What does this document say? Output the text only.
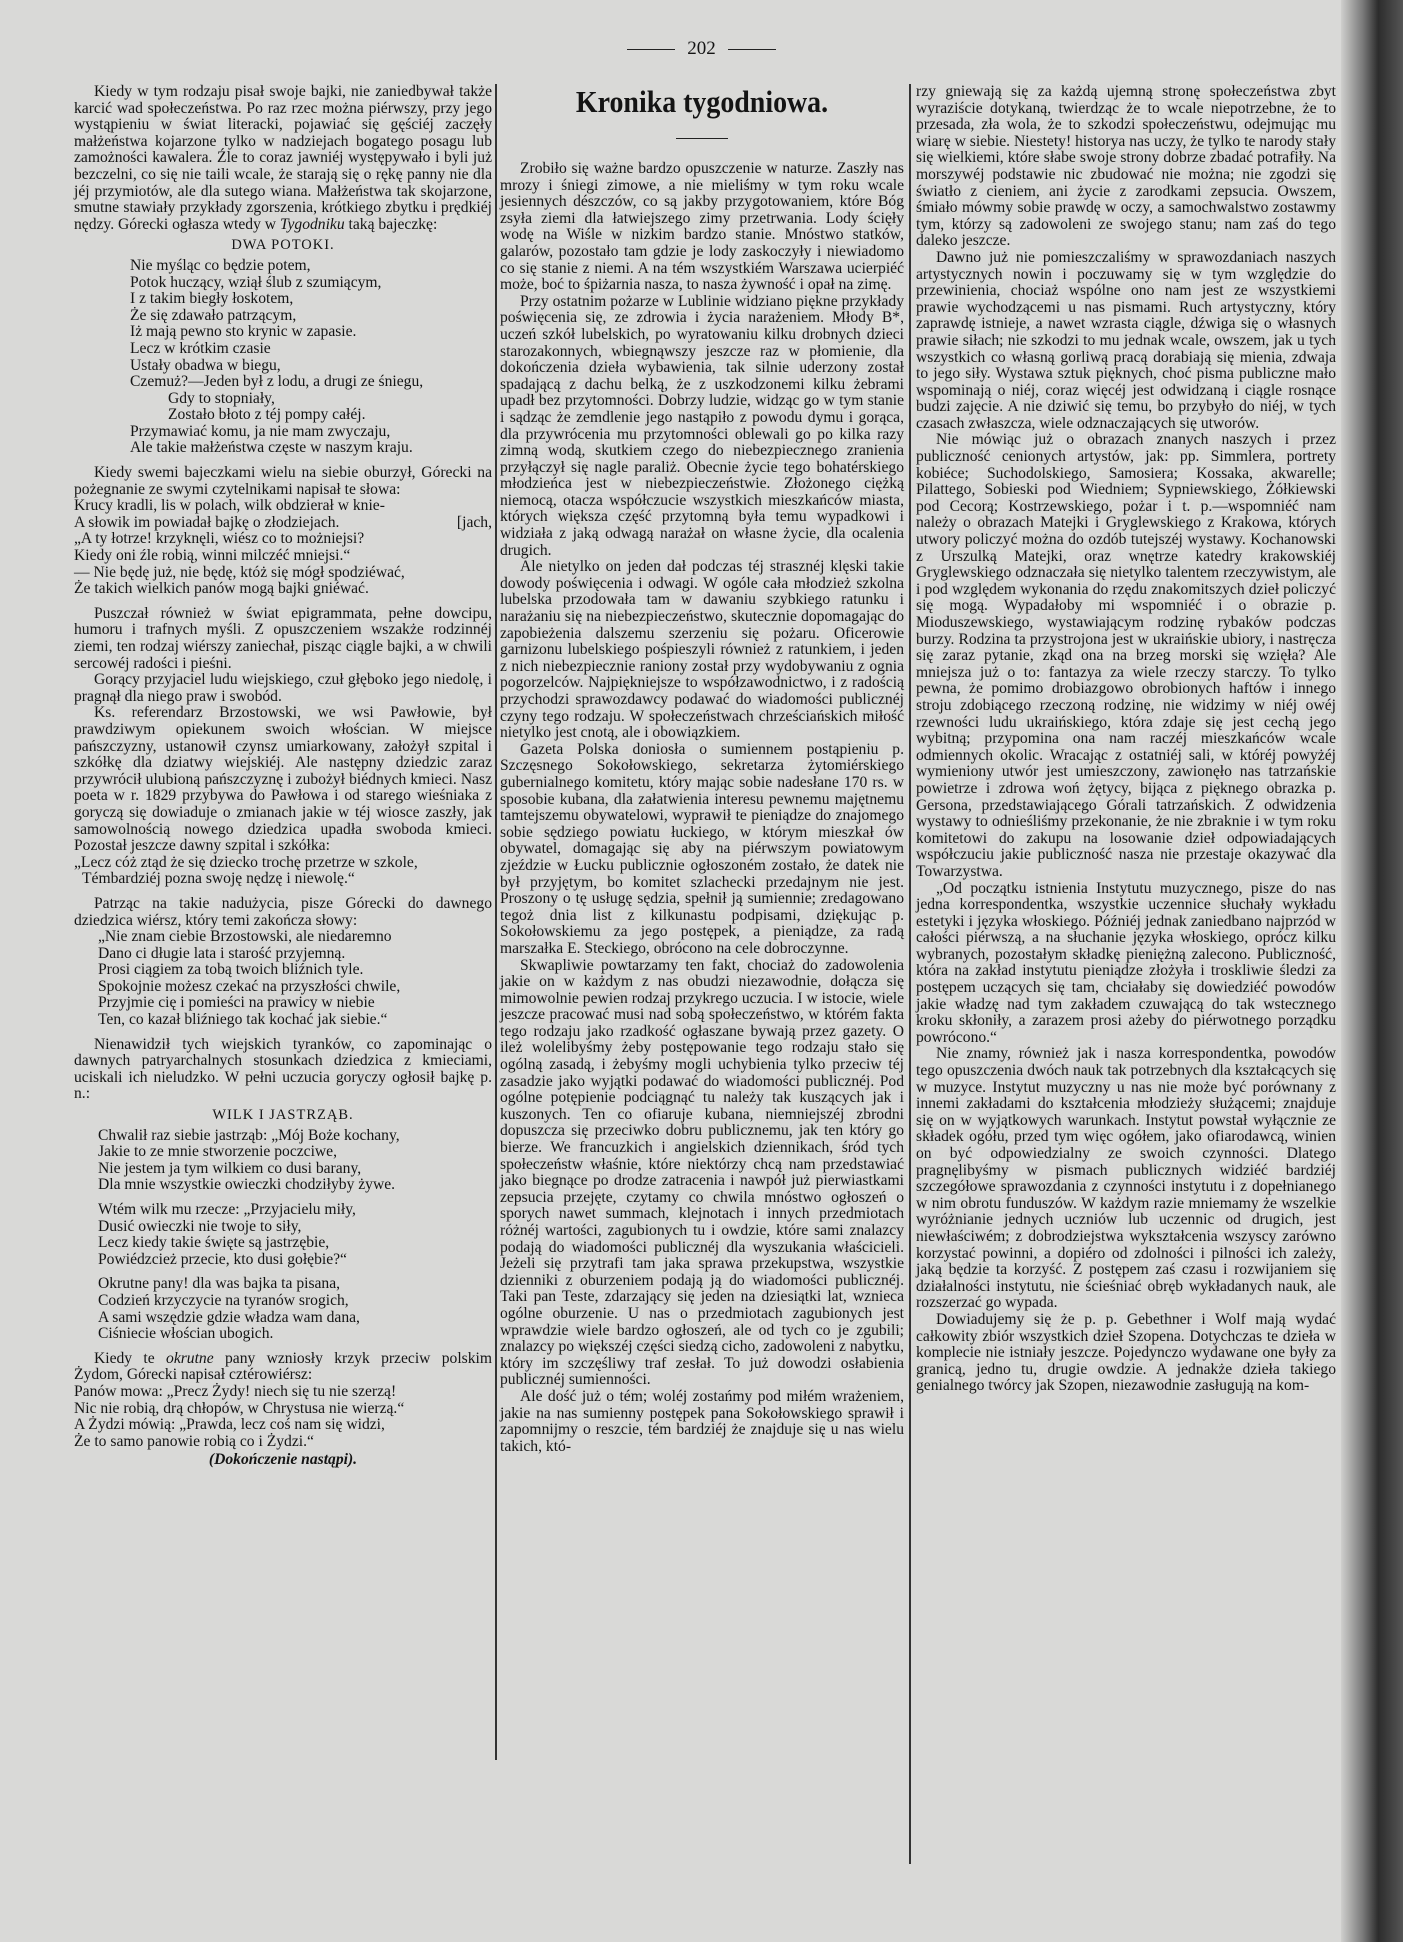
202

Kiedy w tym rodzaju pisał swoje bajki, nie zaniedbywał także karcić wad społeczeństwa. Po raz rzec można piérwszy, przy jego wystąpieniu w świat literacki, pojawiać się gęściéj zaczęły małżeństwa kojarzone tylko w nadziejach bogatego posagu lub zamożności kawalera. Źle to coraz jawniéj występywało i byli już bezczelni, co się nie taili wcale, że starają się o rękę panny nie dla jéj przymiotów, ale dla sutego wiana. Małżeństwa tak skojarzone, smutne stawiały przykłady zgorszenia, krótkiego zbytku i prędkiéj nędzy. Górecki ogłasza wtedy w Tygodniku taką bajeczkę:

DWA POTOKI.
Nie myśląc co będzie potem,
Potok huczący, wziął ślub z szumiącym,
I z takim biegły łoskotem,
Że się zdawało patrzącym,
Iż mają pewno sto krynic w zapasie.
Lecz w krótkim czasie
Ustały obadwa w biegu,
Czemuż?—Jeden był z lodu, a drugi ze śniegu,
Gdy to stopniały,
Zostało błoto z téj pompy całéj.
Przymawiać komu, ja nie mam zwyczaju,
Ale takie małżeństwa częste w naszym kraju.

Kiedy swemi bajeczkami wielu na siebie oburzył, Górecki na pożegnanie ze swymi czytelnikami napisał te słowa:

Krucy kradli, lis w polach, wilk obdzierał w knie-
A słowik im powiadał bajkę o złodziejach.	[jach,
„A ty łotrze! krzyknęli, wiész co to możniejsi?
Kiedy oni źle robią, winni milczéć mniejsi.“
— Nie będę już, nie będę, któż się mógł spodziéwać,
Że takich wielkich panów mogą bajki gniéwać.

Puszczał również w świat epigrammata, pełne dowcipu, humoru i trafnych myśli. Z opuszczeniem wszakże rodzinnéj ziemi, ten rodzaj wiérszy zaniechał, pisząc ciągle bajki, a w chwili sercowéj radości i pieśni.

Gorący przyjaciel ludu wiejskiego, czuł głęboko jego niedolę, i pragnął dla niego praw i swobód.

Ks. referendarz Brzostowski, we wsi Pawłowie, był prawdziwym opiekunem swoich włościan. W miejsce pańszczyzny, ustanowił czynsz umiarkowany, założył szpital i szkółkę dla dziatwy wiejskiéj. Ale następny dziedzic zaraz przywrócił ulubioną pańszczyznę i zubożył biédnych kmieci. Nasz poeta w r. 1829 przybywa do Pawłowa i od starego wieśniaka z goryczą się dowiaduje o zmianach jakie w téj wiosce zaszły, jak samowolnością nowego dziedzica upadła swoboda kmieci. Pozostał jeszcze dawny szpital i szkółka:

„Lecz cóż ztąd że się dziecko trochę przetrze w szkole,
Témbardziéj pozna swoję nędzę i niewolę.“

Patrząc na takie nadużycia, pisze Górecki do dawnego dziedzica wiérsz, który temi zakończa słowy:

„Nie znam ciebie Brzostowski, ale niedaremno
Dano ci długie lata i starość przyjemną.
Prosi ciągiem za tobą twoich bliźnich tyle.
Spokojnie możesz czekać na przyszłości chwile,
Przyjmie cię i pomieści na prawicy w niebie
Ten, co kazał bliźniego tak kochać jak siebie.“

Nienawidził tych wiejskich tyranków, co zapominając o dawnych patryarchalnych stosunkach dziedzica z kmieciami, uciskali ich nieludzko. W pełni uczucia goryczy ogłosił bajkę p. n.:

WILK I JASTRZĄB.
Chwalił raz siebie jastrząb: „Mój Boże kochany,
Jakie to ze mnie stworzenie poczciwe,
Nie jestem ja tym wilkiem co dusi barany,
Dla mnie wszystkie owieczki chodziłyby żywe.
Wtém wilk mu rzecze: „Przyjacielu miły,
Dusić owieczki nie twoje to siły,
Lecz kiedy takie święte są jastrzębie,
Powiédzcież przecie, kto dusi gołębie?“
Okrutne pany! dla was bajka ta pisana,
Codzień krzyczycie na tyranów srogich,
A sami wszędzie gdzie władza wam dana,
Ciśniecie włościan ubogich.

Kiedy te okrutne pany wzniosły krzyk przeciw polskim Żydom, Górecki napisał cztérowiérsz:

Panów mowa: „Precz Żydy! niech się tu nie szerzą!
Nic nie robią, drą chłopów, w Chrystusa nie wierzą.“
A Żydzi mówią: „Prawda, lecz coś nam się widzi,
Że to samo panowie robią co i Żydzi.“
(Dokończenie nastąpi).
Kronika tygodniowa.

Zrobiło się ważne bardzo opuszczenie w naturze. Zaszły nas mrozy i śniegi zimowe, a nie mieliśmy w tym roku wcale jesiennych dészczów, co są jakby przygotowaniem, które Bóg zsyła ziemi dla łatwiejszego zimy przetrwania. Lody ścięły wodę na Wiśle w nizkim bardzo stanie. Mnóstwo statków, galarów, pozostało tam gdzie je lody zaskoczyły i niewiadomo co się stanie z niemi. A na tém wszystkiém Warszawa ucierpiéć może, boć to śpiżarnia nasza, to nasza żywność i opał na zimę.

Przy ostatnim pożarze w Lublinie widziano piękne przykłady poświęcenia się, ze zdrowia i życia narażeniem. Młody B*, uczeń szkół lubelskich, po wyratowaniu kilku drobnych dzieci starozakonnych, wbiegnąwszy jeszcze raz w płomienie, dla dokończenia dzieła wybawienia, tak silnie uderzony został spadającą z dachu belką, że z uszkodzonemi kilku żebrami upadł bez przytomności. Dobrzy ludzie, widząc go w tym stanie i sądząc że zemdlenie jego nastąpiło z powodu dymu i gorąca, dla przywrócenia mu przytomności oblewali go po kilka razy zimną wodą, skutkiem czego do niebezpiecznego zranienia przyłączył się nagle paraliż. Obecnie życie tego bohatérskiego młodzieńca jest w niebezpieczeństwie. Złożonego ciężką niemocą, otacza współczucie wszystkich mieszkańców miasta, których większa część przytomną była temu wypadkowi i widziała z jaką odwagą narażał on własne życie, dla ocalenia drugich.

Ale nietylko on jeden dał podczas téj strasznéj klęski takie dowody poświęcenia i odwagi. W ogóle cała młodzież szkolna lubelska przodowała tam w dawaniu szybkiego ratunku i narażaniu się na niebezpieczeństwo, skutecznie dopomagając do zapobieżenia dalszemu szerzeniu się pożaru. Oficerowie garnizonu lubelskiego pośpieszyli również z ratunkiem, i jeden z nich niebezpiecznie raniony został przy wydobywaniu z ognia pogorzelców. Najpiękniejsze to współzawodnictwo, i z radością przychodzi sprawozdawcy podawać do wiadomości publicznéj czyny tego rodzaju. W społeczeństwach chrześciańskich miłość nietylko jest cnotą, ale i obowiązkiem.

Gazeta Polska doniosła o sumiennem postąpieniu p. Szczęsnego Sokołowskiego, sekretarza żytomiérskiego gubernialnego komitetu, który mając sobie nadesłane 170 rs. w sposobie kubana, dla załatwienia interesu pewnemu majętnemu tamtejszemu obywatelowi, wyprawił te pieniądze do znajomego sobie sędziego powiatu łuckiego, w którym mieszkał ów obywatel, domagając się aby na piérwszym powiatowym zjeździe w Łucku publicznie ogłoszoném zostało, że datek nie był przyjętym, bo komitet szlachecki przedajnym nie jest. Proszony o tę usługę sędzia, spełnił ją sumiennie; zredagowano tegoż dnia list z kilkunastu podpisami, dziękując p. Sokołowskiemu za jego postępek, a pieniądze, za radą marszałka E. Steckiego, obrócono na cele dobroczynne.

Skwapliwie powtarzamy ten fakt, chociaż do zadowolenia jakie on w każdym z nas obudzi niezawodnie, dołącza się mimowolnie pewien rodzaj przykrego uczucia. I w istocie, wiele jeszcze pracować musi nad sobą społeczeństwo, w którém fakta tego rodzaju jako rzadkość ogłaszane bywają przez gazety. O ileż wolelibyśmy żeby postępowanie tego rodzaju stało się ogólną zasadą, i żebyśmy mogli uchybienia tylko przeciw téj zasadzie jako wyjątki podawać do wiadomości publicznéj. Pod ogólne potępienie podciągnąć tu należy tak kuszących jak i kuszonych. Ten co ofiaruje kubana, niemniejszéj zbrodni dopuszcza się przeciwko dobru publicznemu, jak ten który go bierze. We francuzkich i angielskich dziennikach, śród tych społeczeństw właśnie, które niektórzy chcą nam przedstawiać jako biegnące po drodze zatracenia i nawpół już pierwiastkami zepsucia przejęte, czytamy co chwila mnóstwo ogłoszeń o sporych nawet summach, klejnotach i innych przedmiotach różnéj wartości, zagubionych tu i owdzie, które sami znalazcy podają do wiadomości publicznéj dla wyszukania właścicieli. Jeżeli się przytrafi tam jaka sprawa przekupstwa, wszystkie dzienniki z oburzeniem podają ją do wiadomości publicznéj. Taki pan Teste, zdarzający się jeden na dziesiątki lat, wznieca ogólne oburzenie. U nas o przedmiotach zagubionych jest wprawdzie wiele bardzo ogłoszeń, ale od tych co je zgubili; znalazcy po większéj części siedzą cicho, zadowoleni z nabytku, który im szczęśliwy traf zesłał. To już dowodzi osłabienia publicznéj sumienności.

Ale dość już o tém; woléj zostańmy pod miłém wrażeniem, jakie na nas sumienny postępek pana Sokołowskiego sprawił i zapomnijmy o reszcie, tém bardziéj że znajduje się u nas wielu takich, któ-

rzy gniewają się za każdą ujemną stronę społeczeństwa zbyt wyraziście dotykaną, twierdząc że to wcale niepotrzebne, że to przesada, zła wola, że to szkodzi społeczeństwu, odejmując mu wiarę w siebie. Niestety! historya nas uczy, że tylko te narody stały się wielkiemi, które słabe swoje strony dobrze zbadać potrafiły. Na morszywéj podstawie nic zbudować nie można; nie zgodzi się światło z cieniem, ani życie z zarodkami zepsucia. Owszem, śmiało mówmy sobie prawdę w oczy, a samochwalstwo zostawmy tym, którzy są zadowoleni ze swojego stanu; nam zaś do tego daleko jeszcze.

Dawno już nie pomieszczaliśmy w sprawozdaniach naszych artystycznych nowin i poczuwamy się w tym względzie do przewinienia, chociaż wspólne ono nam jest ze wszystkiemi prawie wychodzącemi u nas pismami. Ruch artystyczny, który zaprawdę istnieje, a nawet wzrasta ciągle, dźwiga się o własnych prawie siłach; nie szkodzi to mu jednak wcale, owszem, jak u tych wszystkich co własną gorliwą pracą dorabiają się mienia, zdwaja to jego siły. Wystawa sztuk pięknych, choć pisma publiczne mało wspominają o niéj, coraz więcéj jest odwidzaną i ciągle rosnące budzi zajęcie. A nie dziwić się temu, bo przybyło do niéj, w tych czasach zwłaszcza, wiele odznaczających się utworów.

Nie mówiąc już o obrazach znanych naszych i przez publiczność cenionych artystów, jak: pp. Simmlera, portrety kobiéce; Suchodolskiego, Samosiera; Kossaka, akwarelle; Pilattego, Sobieski pod Wiedniem; Sypniewskiego, Żółkiewski pod Cecorą; Kostrzewskiego, pożar i t. p.—wspomniéć nam należy o obrazach Matejki i Gryglewskiego z Krakowa, których utwory policzyć można do ozdób tutejszéj wystawy. Kochanowski z Urszulką Matejki, oraz wnętrze katedry krakowskiéj Gryglewskiego odznaczała się nietylko talentem rzeczywistym, ale i pod względem wykonania do rzędu znakomitszych dzieł policzyć się mogą. Wypadałoby mi wspomniéć i o obrazie p. Mioduszewskiego, wystawiającym rodzinę rybaków podczas burzy. Rodzina ta przystrojona jest w ukraińskie ubiory, i nastręcza się zaraz pytanie, zkąd ona na brzeg morski się wzięła? Ale mniejsza już o to: fantazya za wiele rzeczy starczy. To tylko pewna, że pomimo drobiazgowo obrobionych haftów i innego stroju zdobiącego rzeczoną rodzinę, nie widzimy w niéj owéj rzewności ludu ukraińskiego, która zdaje się jest cechą jego wybitną; przypomina ona nam raczéj mieszkańców wcale odmiennych okolic. Wracając z ostatniéj sali, w któréj powyżéj wymieniony utwór jest umieszczony, zawionęło nas tatrzańskie powietrze i zdrowa woń żętycy, bijąca z pięknego obrazka p. Gersona, przedstawiającego Górali tatrzańskich. Z odwidzenia wystawy to odnieśliśmy przekonanie, że nie zbraknie i w tym roku komitetowi do zakupu na losowanie dzieł odpowiadających współczuciu jakie publiczność nasza nie przestaje okazywać dla Towarzystwa.

„Od początku istnienia Instytutu muzycznego, pisze do nas jedna korrespondentka, wszystkie uczennice słuchały wykładu estetyki i języka włoskiego. Późniéj jednak zaniedbano najprzód w całości piérwszą, a na słuchanie języka włoskiego, oprócz kilku wybranych, pozostałym składkę pieniężną zalecono. Publiczność, która na zakład instytutu pieniądze złożyła i troskliwie śledzi za postępem uczących się tam, chciałaby się dowiedziéć powodów jakie władzę nad tym zakładem czuwającą do tak wstecznego kroku skłoniły, a zarazem prosi ażeby do piérwotnego porządku powrócono.“

Nie znamy, również jak i nasza korrespondentka, powodów tego opuszczenia dwóch nauk tak potrzebnych dla kształcących się w muzyce. Instytut muzyczny u nas nie może być porównany z innemi zakładami do kształcenia młodzieży służącemi; znajduje się on w wyjątkowych warunkach. Instytut powstał wyłącznie ze składek ogółu, przed tym więc ogółem, jako ofiarodawcą, winien on być odpowiedzialny ze swoich czynności. Dlatego pragnęlibyśmy w pismach publicznych widziéć bardziéj szczegółowe sprawozdania z czynności instytutu i z dopełnianego w nim obrotu funduszów. W każdym razie mniemamy że wszelkie wyróżnianie jednych uczniów lub uczennic od drugich, jest niewłaściwém; z dobrodziejstwa wykształcenia wszyscy zarówno korzystać powinni, a dopiéro od zdolności i pilności ich zależy, jaką będzie ta korzyść. Z postępem zaś czasu i rozwijaniem się działalności instytutu, nie ścieśniać obręb wykładanych nauk, ale rozszerzać go wypada.

Dowiadujemy się że p. p. Gebethner i Wolf mają wydać całkowity zbiór wszystkich dzieł Szopena. Dotychczas te dzieła w komplecie nie istniały jeszcze. Pojedynczo wydawane one były za granicą, jedno tu, drugie owdzie. A jednakże dzieła takiego genialnego twórcy jak Szopen, niezawodnie zasługują na kom-
